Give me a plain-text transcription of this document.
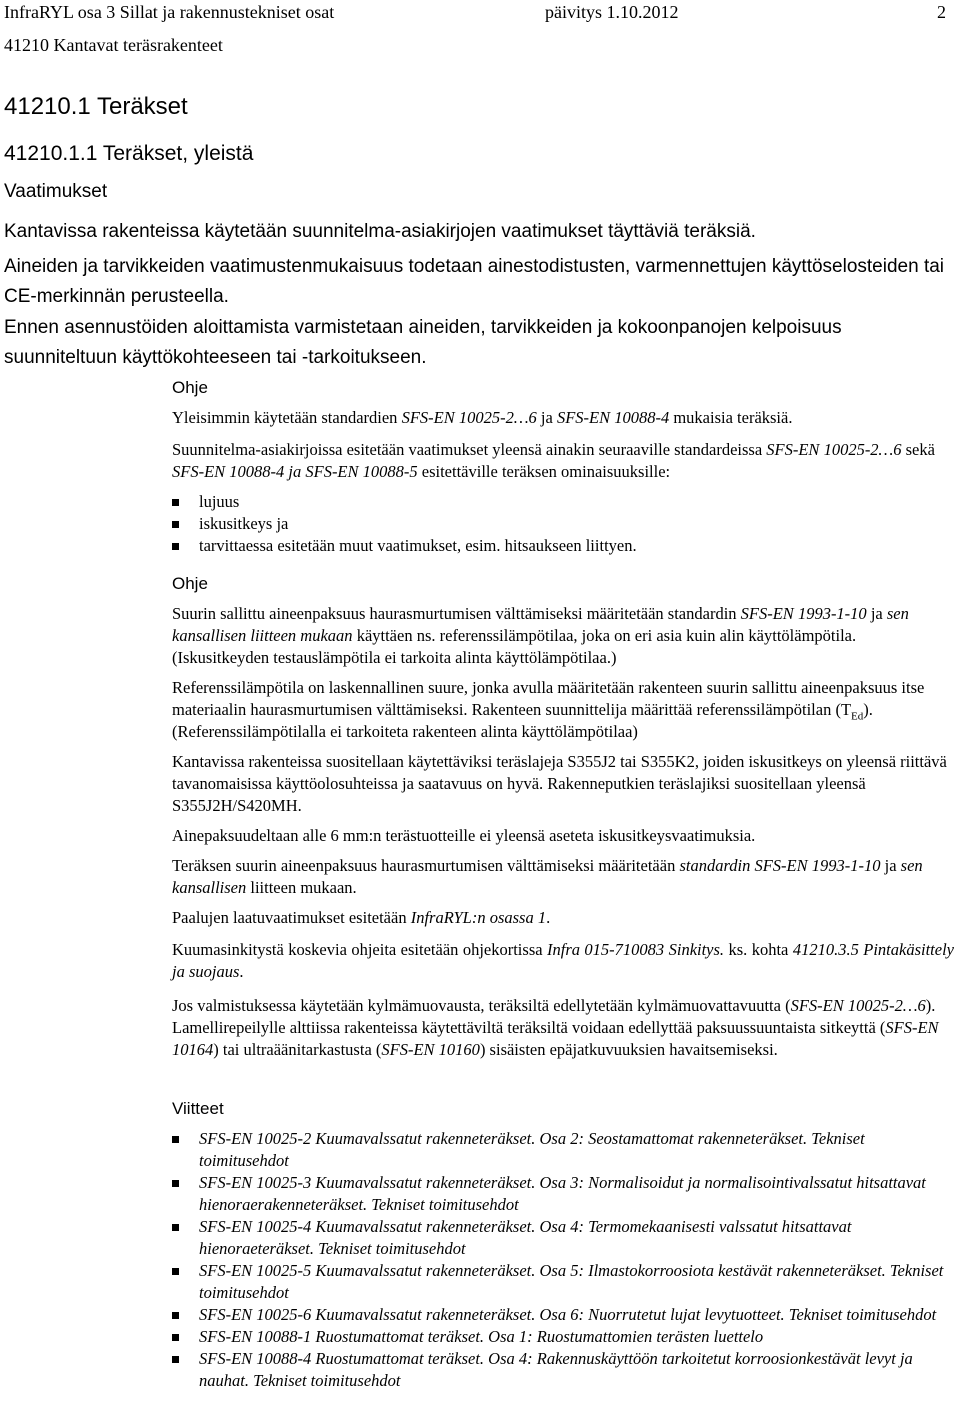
InfraRYL osa 3 Sillat ja rakennustekniset osat	päivitys 1.10.2012	2
41210 Kantavat teräsrakenteet
41210.1 Teräkset
41210.1.1 Teräkset, yleistä
Vaatimukset
Kantavissa rakenteissa käytetään suunnitelma-asiakirjojen vaatimukset täyttäviä teräksiä.
Aineiden ja tarvikkeiden vaatimustenmukaisuus todetaan ainestodistusten, varmennettujen käyttöselosteiden tai CE-merkinnän perusteella.
Ennen asennustöiden aloittamista varmistetaan aineiden, tarvikkeiden ja kokoonpanojen kelpoisuus suunniteltuun käyttökohteeseen tai -tarkoitukseen.

Ohje

Yleisimmin käytetään standardien SFS-EN 10025-2…6 ja SFS-EN 10088-4 mukaisia teräksiä.

Suunnitelma-asiakirjoissa esitetään vaatimukset yleensä ainakin seuraaville standardeissa SFS-EN 10025-2…6 sekä SFS-EN 10088-4 ja SFS-EN 10088-5 esitettäville teräksen ominaisuuksille:

lujuus
iskusitkeys ja
tarvittaessa esitetään muut vaatimukset, esim. hitsaukseen liittyen.

Ohje

Suurin sallittu aineenpaksuus haurasmurtumisen välttämiseksi määritetään standardin SFS-EN 1993-1-10 ja sen kansallisen liitteen mukaan käyttäen ns. referenssilämpötilaa, joka on eri asia kuin alin käyttölämpötila. (Iskusitkeyden testauslämpötila ei tarkoita alinta käyttölämpötilaa.)

Referenssilämpötila on laskennallinen suure, jonka avulla määritetään rakenteen suurin sallittu aineenpaksuus itse materiaalin haurasmurtumisen välttämiseksi. Rakenteen suunnittelija määrittää referenssilämpötilan $(T_{Ed})$. (Referenssilämpötilalla ei tarkoiteta rakenteen alinta käyttölämpötilaa)

Kantavissa rakenteissa suositellaan käytettäviksi teräslajeja S355J2 tai S355K2, joiden iskusitkeys on yleensä riittävä tavanomaisissa käyttöolosuhteissa ja saatavuus on hyvä. Rakenneputkien teräslajiksi suositellaan yleensä S355J2H/S420MH.

Ainepaksuudeltaan alle 6 mm:n terästuotteille ei yleensä aseteta iskusitkeysvaatimuksia.

Teräksen suurin aineenpaksuus haurasmurtumisen välttämiseksi määritetään standardin SFS-EN 1993-1-10 ja sen kansallisen liitteen mukaan.

Paalujen laatuvaatimukset esitetään InfraRYL:n osassa 1.

Kuumasinkitystä koskevia ohjeita esitetään ohjekortissa Infra 015-710083 Sinkitys. ks. kohta 41210.3.5 Pintakäsittely ja suojaus.

Jos valmistuksessa käytetään kylmämuovausta, teräksiltä edellytetään kylmämuovattavuutta (SFS-EN 10025-2…6). Lamellirepeilylle alttiissa rakenteissa käytettäviltä teräksiltä voidaan edellyttää paksuussuuntaista sitkeyttä (SFS-EN 10164) tai ultraäänitarkastusta (SFS-EN 10160) sisäisten epäjatkuvuuksien havaitsemiseksi.

Viitteet

SFS-EN 10025-2 Kuumavalssatut rakenneteräkset. Osa 2: Seostamattomat rakenneteräkset. Tekniset toimitusehdot
SFS-EN 10025-3 Kuumavalssatut rakenneteräkset. Osa 3: Normalisoidut ja normalisointivalssatut hitsattavat hienoraerakenneteräkset. Tekniset toimitusehdot
SFS-EN 10025-4 Kuumavalssatut rakenneteräkset. Osa 4: Termomekaanisesti valssatut hitsattavat hienoraeteräkset. Tekniset toimitusehdot
SFS-EN 10025-5 Kuumavalssatut rakenneteräkset. Osa 5: Ilmastokorroosiota kestävät rakenneteräkset. Tekniset toimitusehdot
SFS-EN 10025-6 Kuumavalssatut rakenneteräkset. Osa 6: Nuorrutetut lujat levytuotteet. Tekniset toimitusehdot
SFS-EN 10088-1 Ruostumattomat teräkset. Osa 1: Ruostumattomien terästen luettelo
SFS-EN 10088-4 Ruostumattomat teräkset. Osa 4: Rakennuskäyttöön tarkoitetut korroosionkestävät levyt ja nauhat. Tekniset toimitusehdot
